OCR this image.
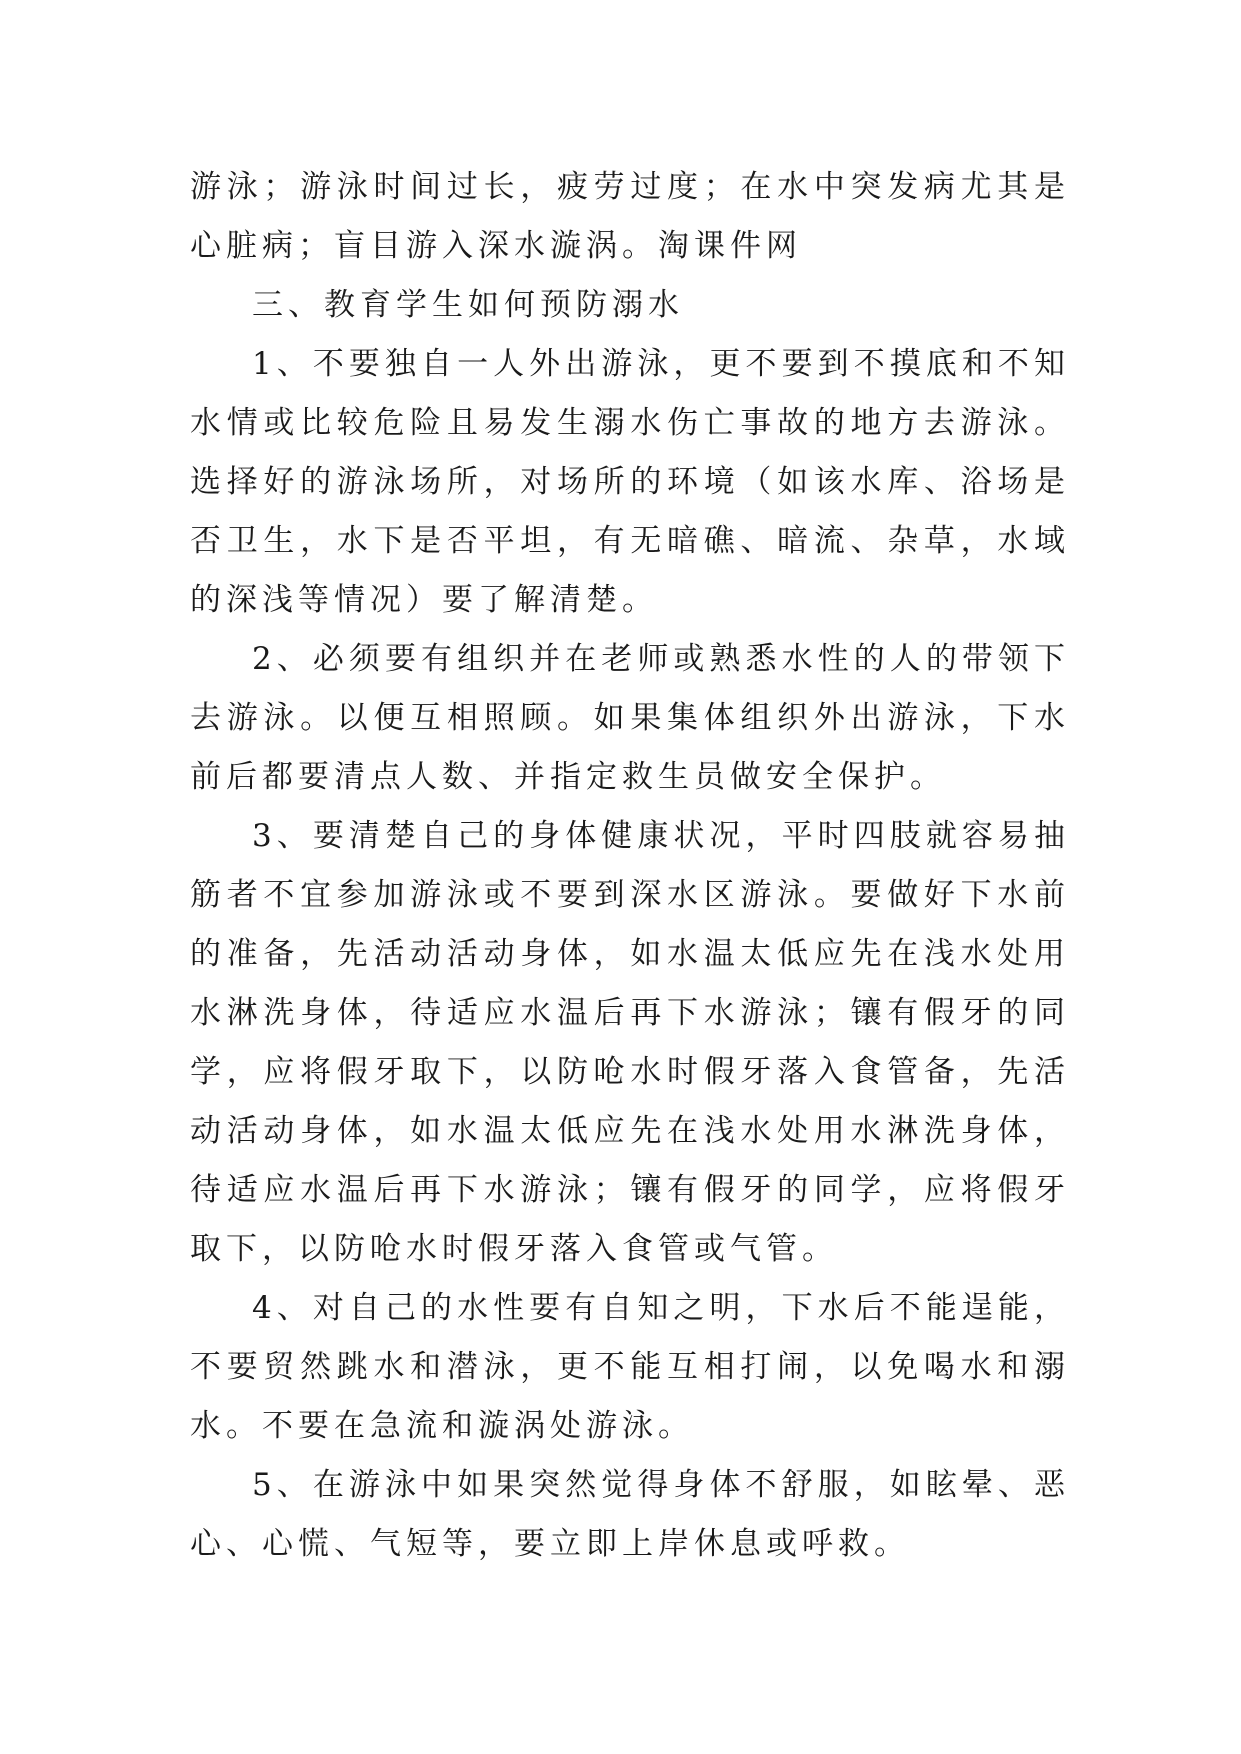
游泳；游泳时间过长，疲劳过度；在水中突发病尤其是心脏病；盲目游入深水漩涡。淘课件网

三、教育学生如何预防溺水

1、不要独自一人外出游泳，更不要到不摸底和不知水情或比较危险且易发生溺水伤亡事故的地方去游泳。选择好的游泳场所，对场所的环境（如该水库、浴场是否卫生，水下是否平坦，有无暗礁、暗流、杂草，水域的深浅等情况）要了解清楚。

2、必须要有组织并在老师或熟悉水性的人的带领下去游泳。以便互相照顾。如果集体组织外出游泳，下水前后都要清点人数、并指定救生员做安全保护。

3、要清楚自己的身体健康状况，平时四肢就容易抽筋者不宜参加游泳或不要到深水区游泳。要做好下水前的准备，先活动活动身体，如水温太低应先在浅水处用水淋洗身体，待适应水温后再下水游泳；镶有假牙的同学，应将假牙取下，以防呛水时假牙落入食管备，先活动活动身体，如水温太低应先在浅水处用水淋洗身体，待适应水温后再下水游泳；镶有假牙的同学，应将假牙取下，以防呛水时假牙落入食管或气管。

4、对自己的水性要有自知之明，下水后不能逞能，不要贸然跳水和潜泳，更不能互相打闹，以免喝水和溺水。不要在急流和漩涡处游泳。

5、在游泳中如果突然觉得身体不舒服，如眩晕、恶心、心慌、气短等，要立即上岸休息或呼救。
